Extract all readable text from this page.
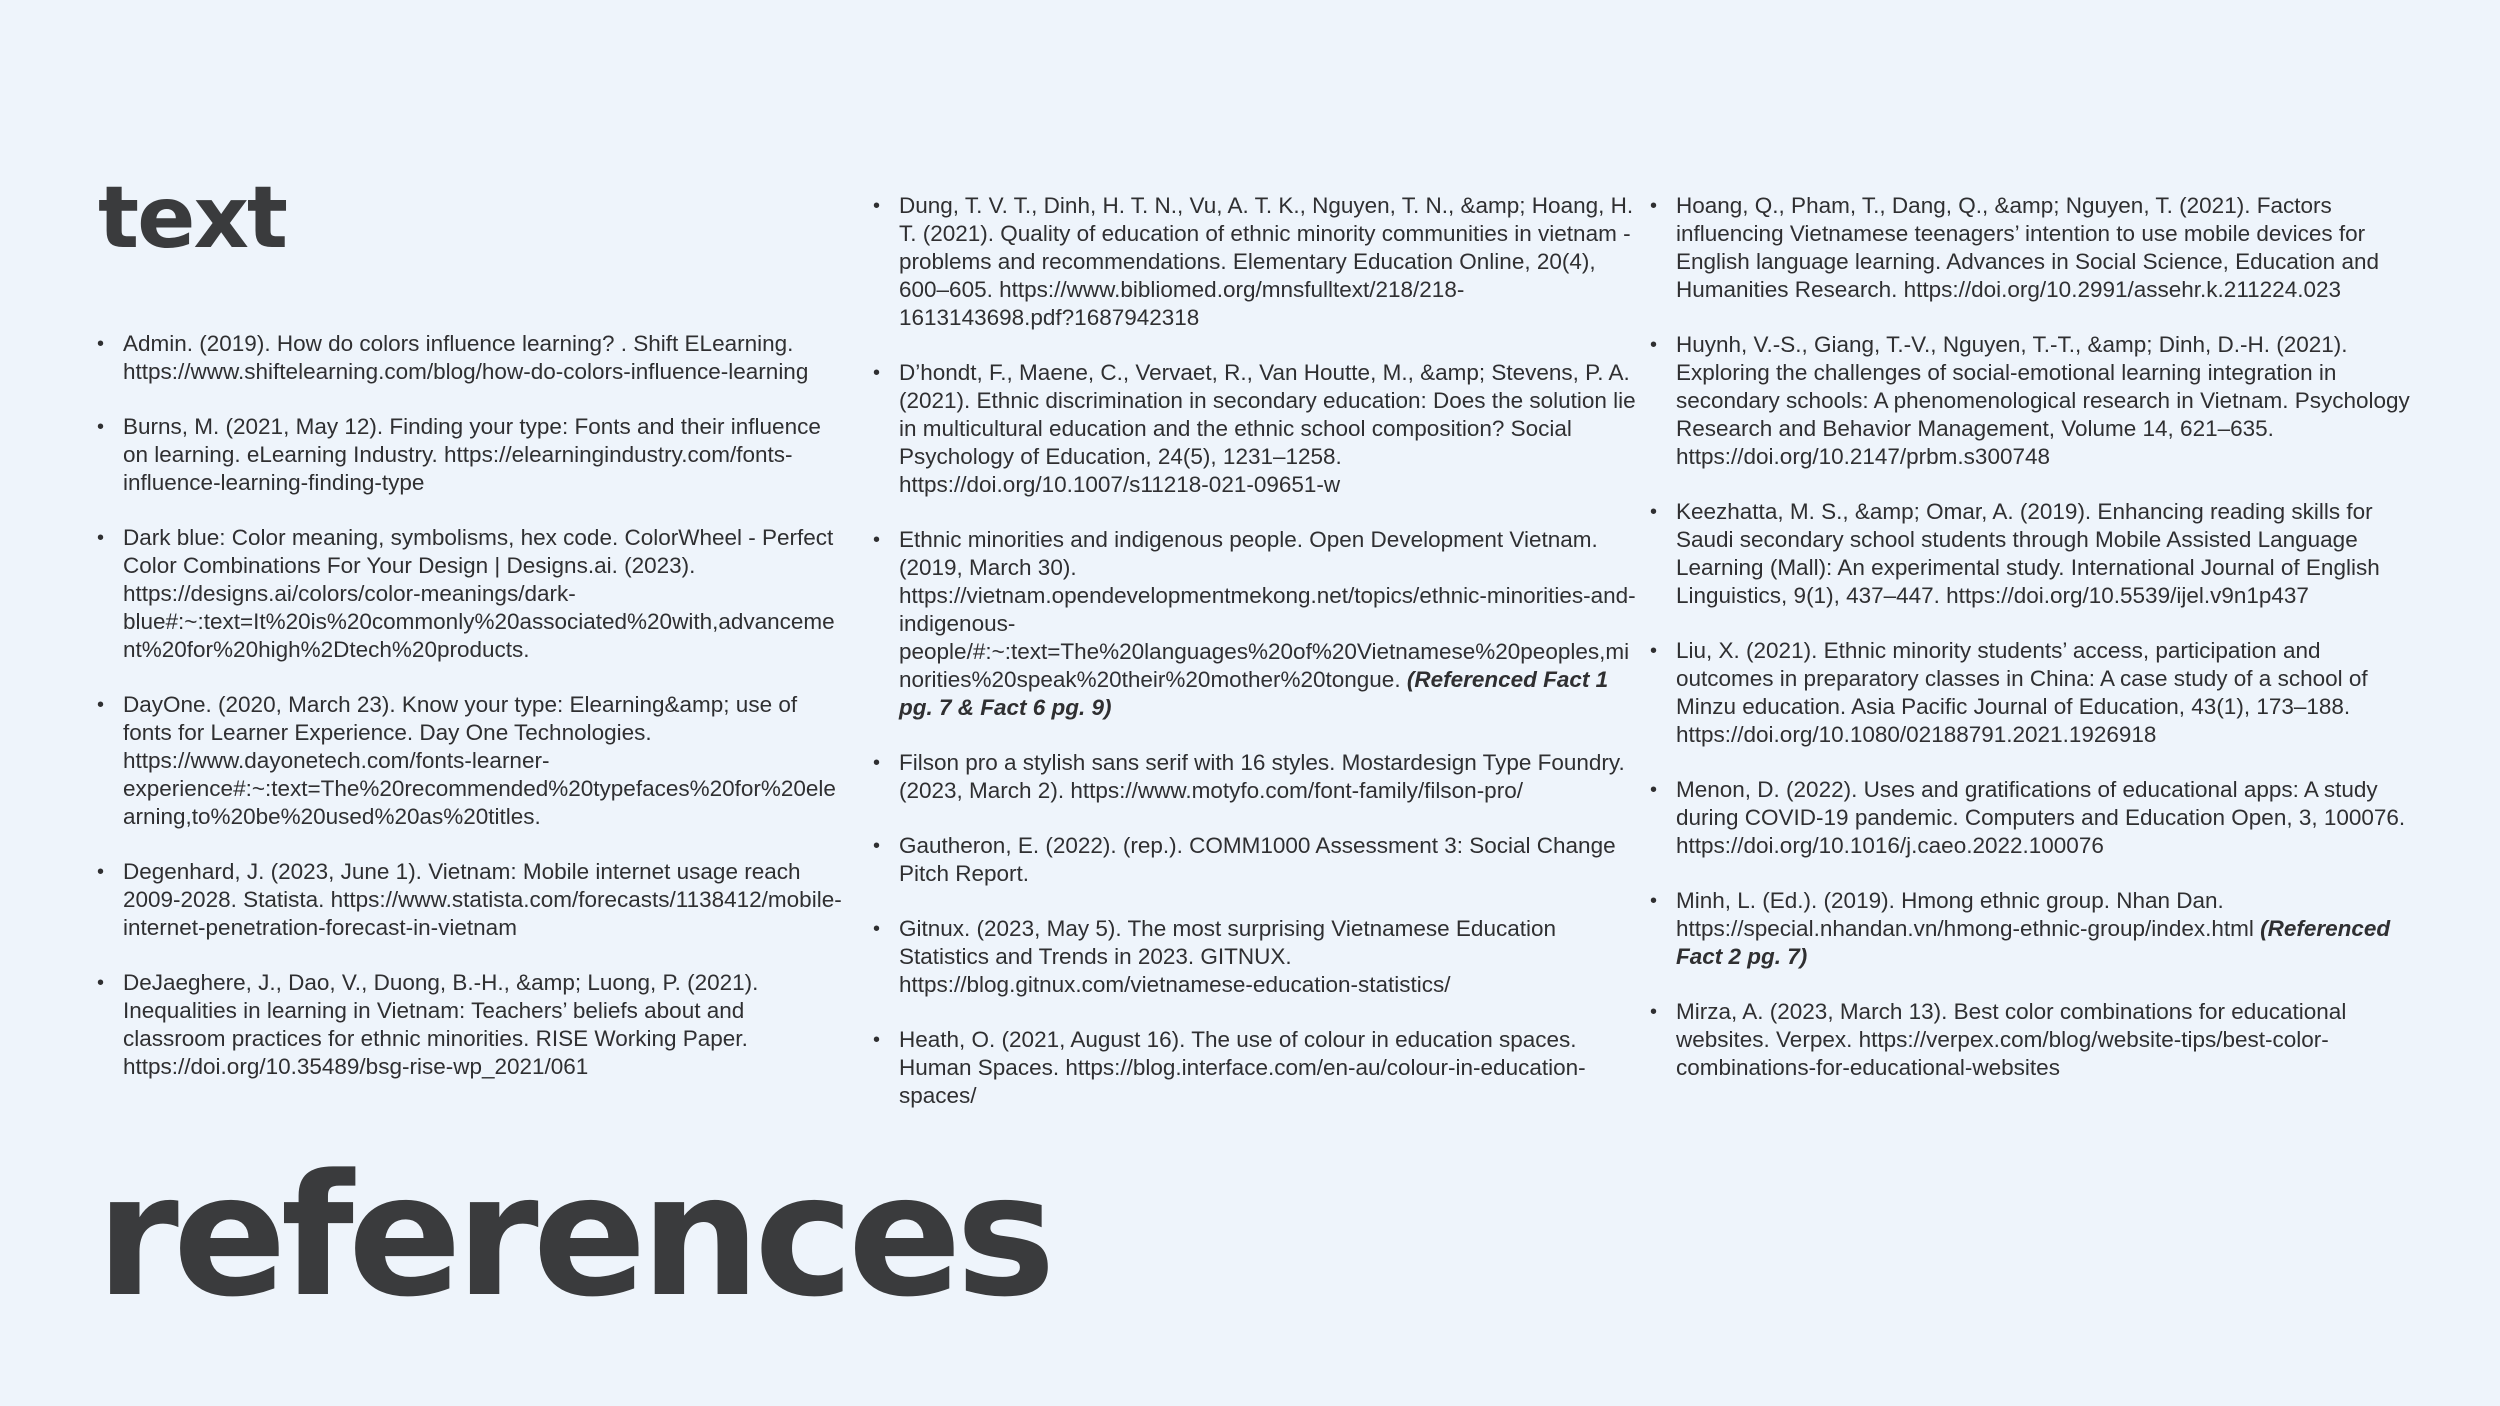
text
references
• Admin. (2019). How do colors influence learning? . Shift ELearning. https://www.shiftelearning.com/blog/how-do-colors-influence-learning
• Burns, M. (2021, May 12). Finding your type: Fonts and their influence on learning. eLearning Industry. https://elearningindustry.com/fonts-influence-learning-finding-type
• Dark blue: Color meaning, symbolisms, hex code. ColorWheel - Perfect Color Combinations For Your Design | Designs.ai. (2023). https://designs.ai/colors/color-meanings/dark-blue#:~:text=It%20is%20commonly%20associated%20with,advancement%20for%20high%2Dtech%20products.
• DayOne. (2020, March 23). Know your type: Elearning&amp; use of fonts for Learner Experience. Day One Technologies. https://www.dayonetech.com/fonts-learner-experience#:~:text=The%20recommended%20typefaces%20for%20elearning,to%20be%20used%20as%20titles.
• Degenhard, J. (2023, June 1). Vietnam: Mobile internet usage reach 2009-2028. Statista. https://www.statista.com/forecasts/1138412/mobile-internet-penetration-forecast-in-vietnam
• DeJaeghere, J., Dao, V., Duong, B.-H., &amp; Luong, P. (2021). Inequalities in learning in Vietnam: Teachers’ beliefs about and classroom practices for ethnic minorities. RISE Working Paper. https://doi.org/10.35489/bsg-rise-wp_2021/061
• Dung, T. V. T., Dinh, H. T. N., Vu, A. T. K., Nguyen, T. N., &amp; Hoang, H. T. (2021). Quality of education of ethnic minority communities in vietnam - problems and recommendations. Elementary Education Online, 20(4), 600–605. https://www.bibliomed.org/mnsfulltext/218/218-1613143698.pdf?1687942318
• D’hondt, F., Maene, C., Vervaet, R., Van Houtte, M., &amp; Stevens, P. A. (2021). Ethnic discrimination in secondary education: Does the solution lie in multicultural education and the ethnic school composition? Social Psychology of Education, 24(5), 1231–1258. https://doi.org/10.1007/s11218-021-09651-w
• Ethnic minorities and indigenous people. Open Development Vietnam. (2019, March 30). https://vietnam.opendevelopmentmekong.net/topics/ethnic-minorities-and-indigenous-people/#:~:text=The%20languages%20of%20Vietnamese%20peoples,minorities%20speak%20their%20mother%20tongue. (Referenced Fact 1 pg. 7 & Fact 6 pg. 9)
• Filson pro a stylish sans serif with 16 styles. Mostardesign Type Foundry. (2023, March 2). https://www.motyfo.com/font-family/filson-pro/
• Gautheron, E. (2022). (rep.). COMM1000 Assessment 3: Social Change Pitch Report.
• Gitnux. (2023, May 5). The most surprising Vietnamese Education Statistics and Trends in 2023. GITNUX. https://blog.gitnux.com/vietnamese-education-statistics/
• Heath, O. (2021, August 16). The use of colour in education spaces. Human Spaces. https://blog.interface.com/en-au/colour-in-education-spaces/
• Hoang, Q., Pham, T., Dang, Q., &amp; Nguyen, T. (2021). Factors influencing Vietnamese teenagers’ intention to use mobile devices for English language learning. Advances in Social Science, Education and Humanities Research. https://doi.org/10.2991/assehr.k.211224.023
• Huynh, V.-S., Giang, T.-V., Nguyen, T.-T., &amp; Dinh, D.-H. (2021). Exploring the challenges of social-emotional learning integration in secondary schools: A phenomenological research in Vietnam. Psychology Research and Behavior Management, Volume 14, 621–635. https://doi.org/10.2147/prbm.s300748
• Keezhatta, M. S., &amp; Omar, A. (2019). Enhancing reading skills for Saudi secondary school students through Mobile Assisted Language Learning (Mall): An experimental study. International Journal of English Linguistics, 9(1), 437–447. https://doi.org/10.5539/ijel.v9n1p437
• Liu, X. (2021). Ethnic minority students’ access, participation and outcomes in preparatory classes in China: A case study of a school of Minzu education. Asia Pacific Journal of Education, 43(1), 173–188. https://doi.org/10.1080/02188791.2021.1926918
• Menon, D. (2022). Uses and gratifications of educational apps: A study during COVID-19 pandemic. Computers and Education Open, 3, 100076. https://doi.org/10.1016/j.caeo.2022.100076
• Minh, L. (Ed.). (2019). Hmong ethnic group. Nhan Dan. https://special.nhandan.vn/hmong-ethnic-group/index.html (Referenced Fact 2 pg. 7)
• Mirza, A. (2023, March 13). Best color combinations for educational websites. Verpex. https://verpex.com/blog/website-tips/best-color-combinations-for-educational-websites
